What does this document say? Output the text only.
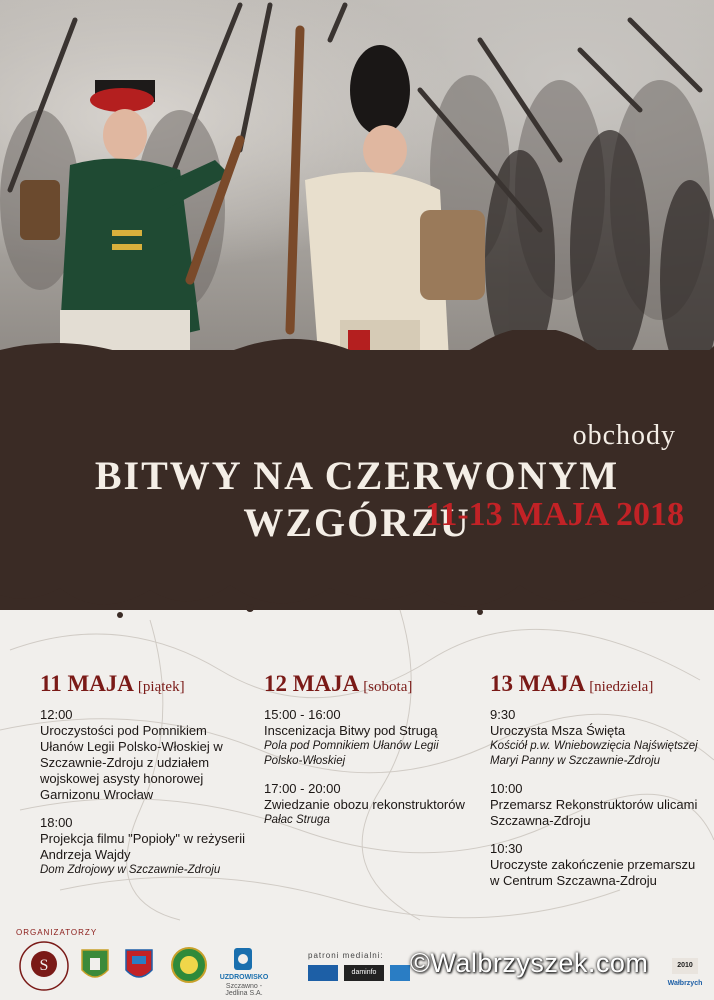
obchody
BITWY NA CZERWONYM WZGÓRZU
11-13 MAJA 2018
11 MAJA [piątek]
12:00
Uroczystości pod Pomnikiem Ułanów Legii Polsko-Włoskiej w Szczawnie-Zdroju z udziałem wojskowej asysty honorowej Garnizonu Wrocław
18:00
Projekcja filmu "Popioły" w reżyserii Andrzeja Wajdy
Dom Zdrojowy w Szczawnie-Zdroju
12 MAJA [sobota]
15:00 - 16:00
Inscenizacja Bitwy pod Strugą
Pola pod Pomnikiem Ułanów Legii Polsko-Włoskiej
17:00 - 20:00
Zwiedzanie obozu rekonstruktorów
Pałac Struga
13 MAJA [niedziela]
9:30
Uroczysta Msza Święta
Kościół p.w. Wniebowzięcia Najświętszej Maryi Panny w Szczawnie-Zdroju
10:00
Przemarsz Rekonstruktorów ulicami Szczawna-Zdroju
10:30
Uroczyste zakończenie przemarszu w Centrum Szczawna-Zdroju
ORGANIZATORZY
S
UZDROWISKO
Szczawno - Jedlina S.A.
patroni medialni:
daminfo ©Walbrzyszek.com	2010
Wałbrzych
